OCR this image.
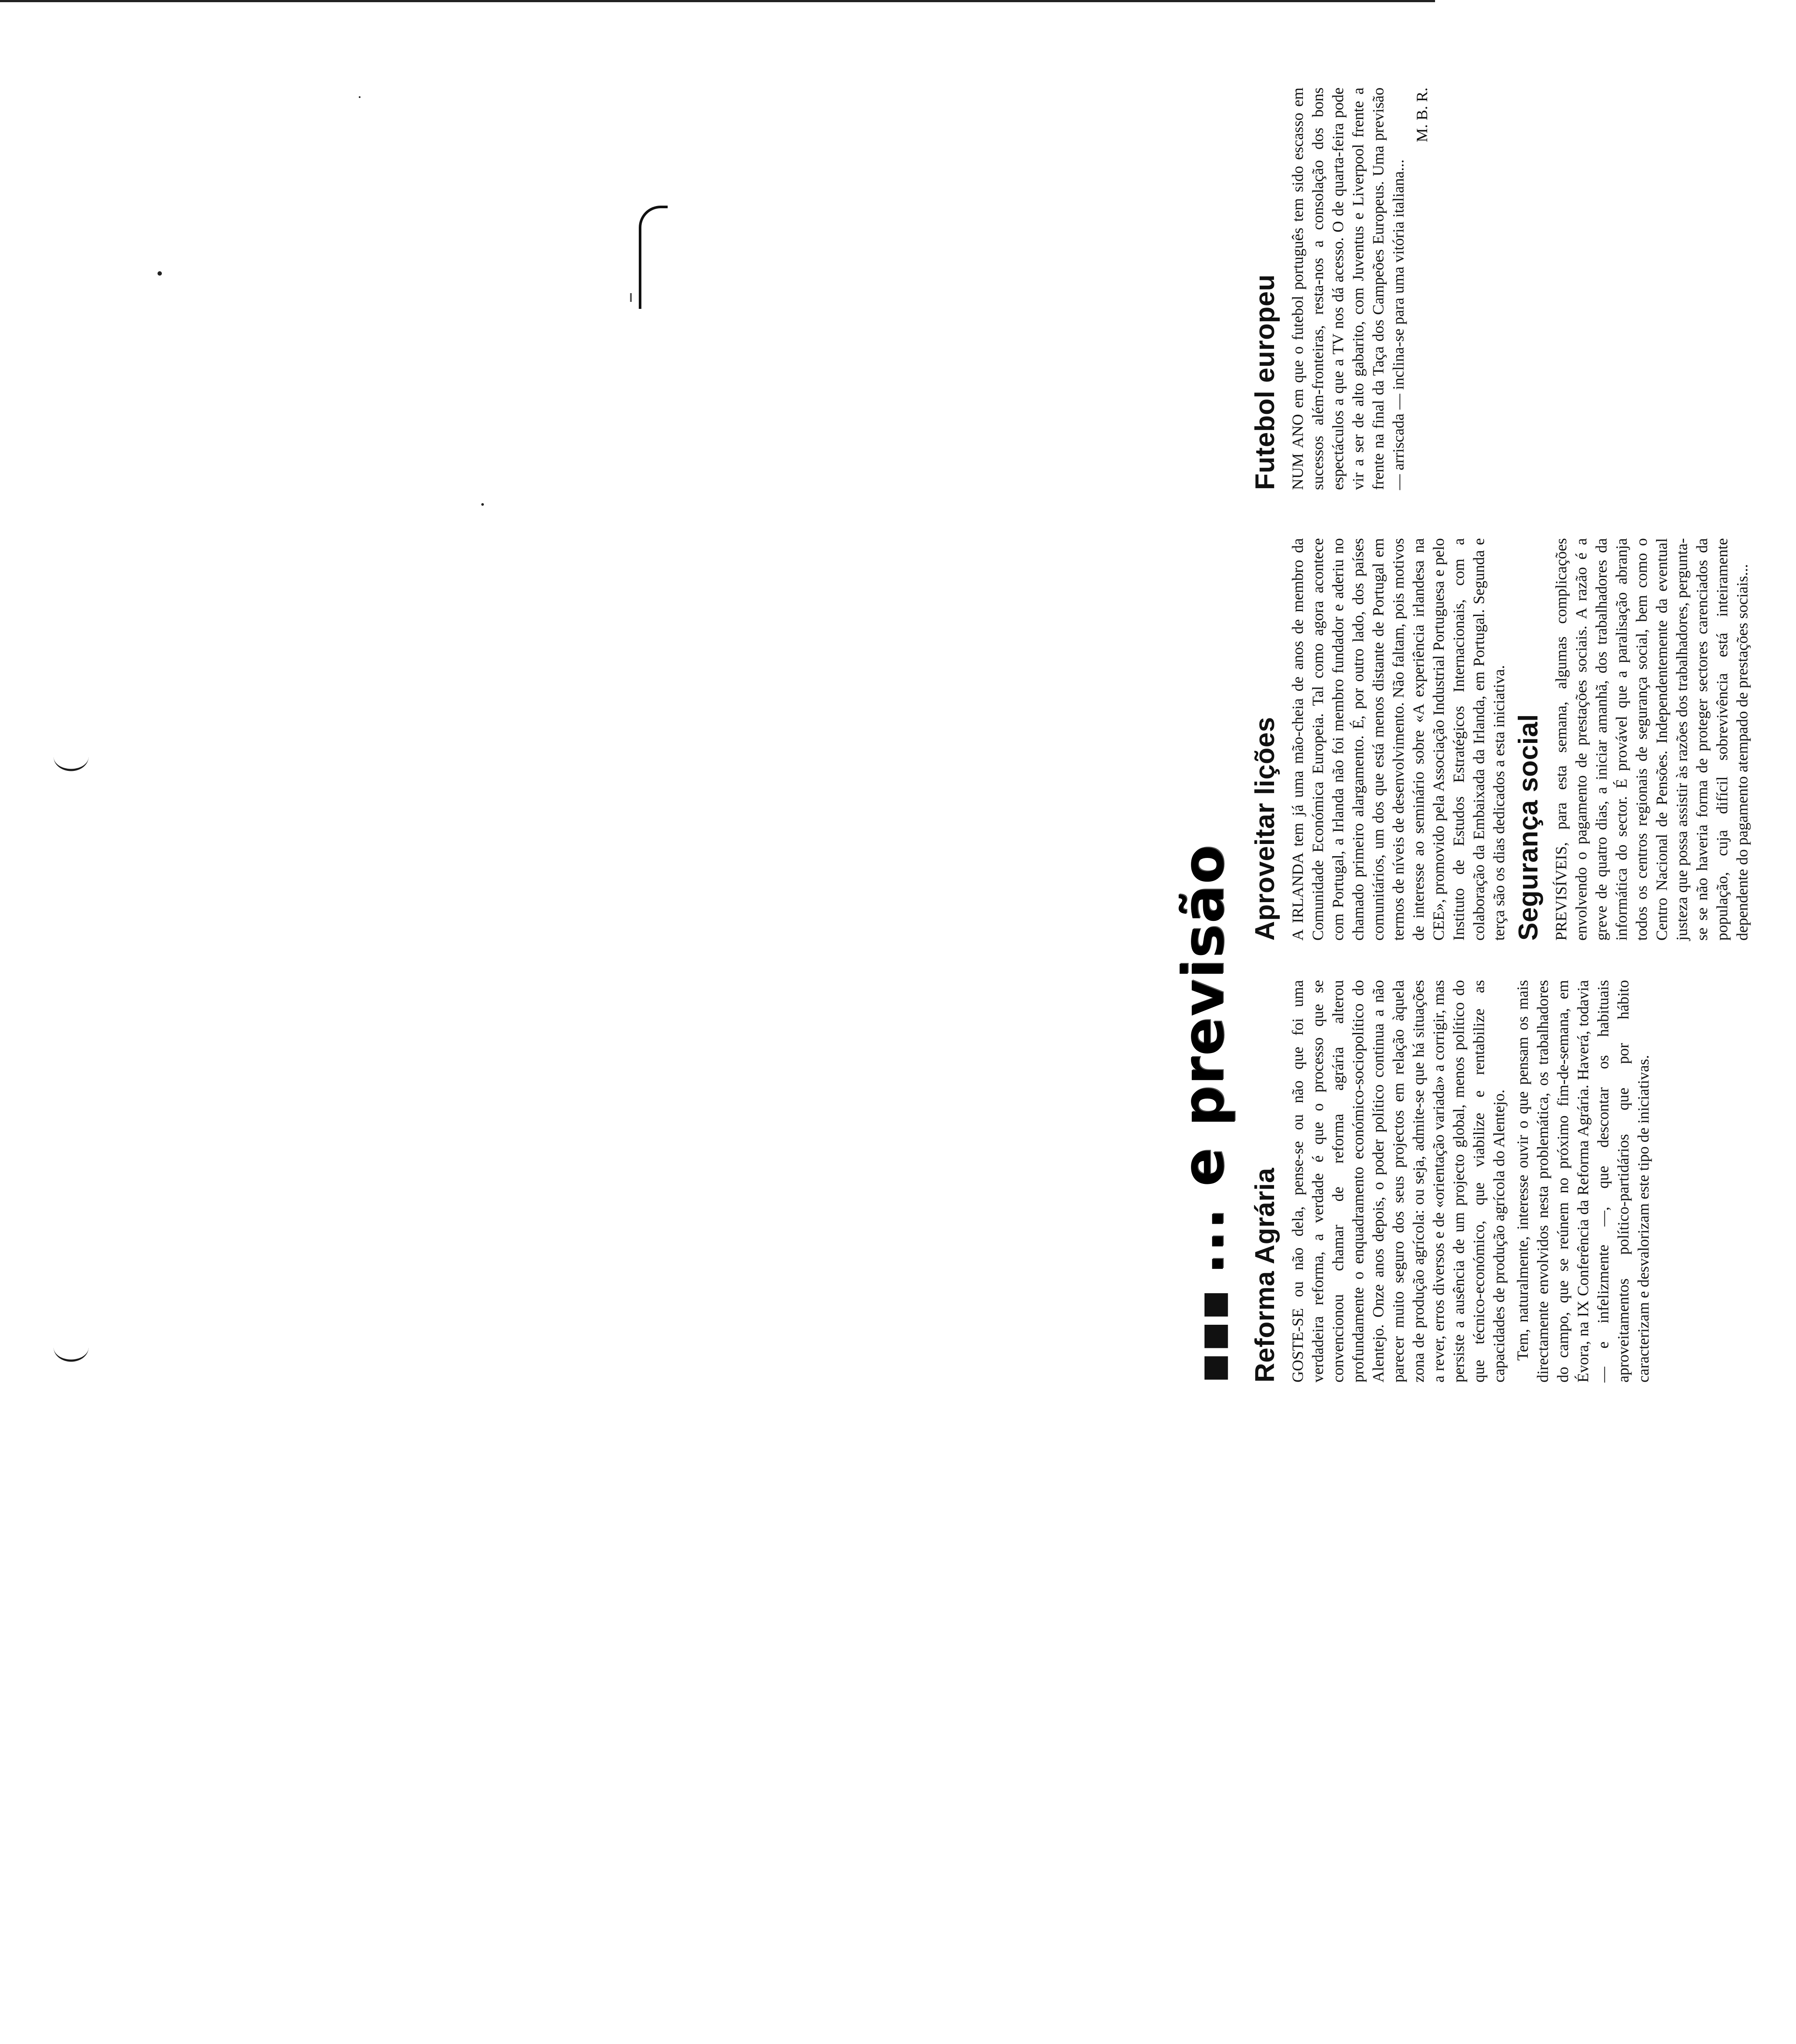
■■■
... e previsão
Reforma Agrária GOSTE-SE ou não dela, pense-se ou não que foi uma verdadeira reforma, a verdade é que o processo que se convencionou chamar de reforma agrária alterou profundamente o enquadramento económico-sociopolítico do Alentejo. Onze anos depois, o poder político continua a não parecer muito seguro dos seus projectos em relação àquela zona de produção agrícola: ou seja, admite-se que há situações a rever, erros diversos e de «orientação variada» a corrigir, mas persiste a ausência de um projecto global, menos político do que técnico-económico, que viabilize e rentabilize as capacidades de produção agrícola do Alentejo. Tem, naturalmente, interesse ouvir o que pensam os mais directamente envolvidos nesta problemática, os trabalhadores do campo, que se reúnem no próximo fim-de-semana, em Évora, na IX Conferência da Reforma Agrária. Haverá, todavia — e infelizmente —, que descontar os habituais aproveitamentos político-partidários que por hábito caracterizam e desvalorizam este tipo de iniciativas.

Aproveitar lições A IRLANDA tem já uma mão-cheia de anos de membro da Comunidade Económica Europeia. Tal como agora acontece com Portugal, a Irlanda não foi membro fundador e aderiu no chamado primeiro alargamento. É, por outro lado, dos países comunitários, um dos que está menos distante de Portugal em termos de níveis de desenvolvimento. Não faltam, pois motivos de interesse ao seminário sobre «A experiência irlandesa na CEE», promovido pela Associação Industrial Portuguesa e pelo Instituto de Estudos Estratégicos Internacionais, com a colaboração da Embaixada da Irlanda, em Portugal. Segunda e terça são os dias dedicados a esta iniciativa. Segurança social PREVISÍVEIS, para esta semana, algumas complicações envolvendo o pagamento de prestações sociais. A razão é a greve de quatro dias, a iniciar amanhã, dos trabalhadores da informática do sector. É provável que a paralisação abranja todos os centros regionais de segurança social, bem como o Centro Nacional de Pensões. Independentemente da eventual justeza que possa assistir às razões dos trabalhadores, pergunta-se se não haveria forma de proteger sectores carenciados da população, cuja difícil sobrevivência está inteiramente dependente do pagamento atempado de prestações sociais...

Futebol europeu NUM ANO em que o futebol português tem sido escasso em sucessos além-fronteiras, resta-nos a consolação dos bons espectáculos a que a TV nos dá acesso. O de quarta-feira pode vir a ser de alto gabarito, com Juventus e Liverpool frente a frente na final da Taça dos Campeões Europeus. Uma previsão — arriscada — inclina-se para uma vitória italiana...

M. B. R.
